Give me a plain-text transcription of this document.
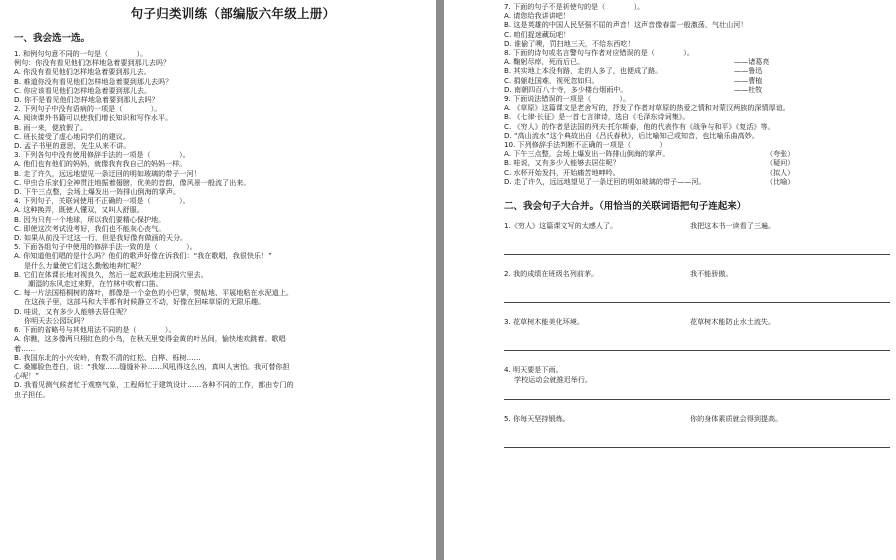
句子归类训练（部编版六年级上册）
一、我会选一选。
1. 和例句句意不同的一句是（　　　　）。
例句：你没有看见他们怎样地急着要到那儿去吗？
A. 你没有看见他们怎样地急着要到那儿去。
B. 难道你没有看见他们怎样地急着要到那儿去吗？
C. 你应该看见他们怎样地急着要到那儿去。
D. 你不是看见他们怎样地急着要到那儿去吗？
2. 下列句子中没有语病的一项是（　　　　）。
A. 阅读课外书籍可以使我们增长知识和写作水平。
B. 雨一来，便放假了。
C. 班长接受了虚心地同学们的建议。
D. 孟子书里的意思，先生从来不讲。
3. 下列各句中没有使用修辞手法的一项是（　　　　）。
A. 他们也有他们的妈妈，就像我有我自己的妈妈一样。
B. 走了许久，远远地望见一条迂回的明如玻璃的带子一河！
C. 甲虫合乐家们全神贯注地振着翅膀，优美的音韵，像风景一般流了出来。
D. 下午三点整，会场上爆发出一阵排山倒海的掌声。
4. 下列句子，关联词使用不正确的一项是（　　　　）。
A. 这种换弄，既使人懂双，又叫人舒服。
B. 因为只有一个地球，所以我们要精心保护地。
C. 即使这次考试没考好，我们也不能灰心丧气。
D. 如果从前没干过这一行，但是我好像有做画的天分。
5. 下面各组句子中使用的修辞手法一致的是（　　　　）。
A. 你知道他们唱的是什么吗？他们的歌声好像在诉我们：“我在歌唱，我很快乐！”
是什么力量使它们这么勤勉地奔忙呢？
B. 它们在体课长地对视良久，然后一起欢跃地走回洞穴里去。
潮湿的东风走过来野，在竹林中吹着口笛。
C. 每一片法国梧桐树的落叶，都像是一个金色的小巴掌，熨帖地、平展地粘在水泥道上。
在这孩子里，这部马和大半都有时候静立不动，好像在回味草原的无限乐趣。
D. 哇说，又有多少人能够去居住呢？
你明天去公园玩吗？
6. 下面的省略号与其他用法不同的是（　　　　）。
A. 你瞧，这多像两只栩红色的小鸟，在秋天里变得金黄的叶丛间，愉快地欢跳着、歌唱
着……
B. 我国东北的小兴安岭，有数不清的红松、白桦、栎树……
C. 桑娜脸色苍白，说：“我嫁……缝缝补补……风吼得这么凶，真叫人害怕。我可替你担
心呢！”
D. 我看见测气候者忙于观察气象，工程师忙于建筑设计……各种不同的工作，都由专门的
虫子担任。
7. 下面的句子不是祈使句的是（　　　　）。
A. 请您给我讲讲吧！
B. 这是英雄的中国人民坚强不屈的声音！这声音像春雷一般激荡，气壮山河！
C. 咱们捉迷藏玩吧！
D. 谁偷了噢，罚扫地三天，不给东西吃！
8. 下面的诗句或名言警句与作者对应错误的是（　　　　）。
A. 鞠躬尽瘁，死而后已。	——诸葛亮
B. 其实地上本没有路，走的人多了，也便成了路。	——鲁迅
C. 捐躯赴国难，视死忽如归。	——曹植
D. 南朝四百八十寺，多少楼台烟雨中。	——杜牧
9. 下面说法错误的一项是（　　　　）。
A. 《草原》这篇课文是老舍写的，抒发了作者对草原的热爱之情和对蒙汉两族的深情厚谊。
B. 《七律·长征》是一首七言律诗，选自《毛泽东诗词集》。
C. 《穷人》的作者是法国的列夫·托尔斯泰，他的代表作有《战争与和平》《复活》等。
D. “高山流水”这个典故出自《吕氏春秋》，后比喻知己或知音，也比喻乐曲高妙。
10. 下列修辞手法判断不正确的一项是（　　　　）
A. 下午三点整，会场上爆发出一阵排山倒海的掌声。	（夸张）
B. 哇说，又有多少人能够去居住呢？	（疑问）
C. 水杯开始发抖，开始痛苦地呻吟。	（拟人）
D. 走了许久，远远地望见了一条迂回的明如玻璃的带子——河。	（比喻）
二、我会句子大合并。（用恰当的关联词语把句子连起来）
1.《穷人》这篇课文写的太感人了。	我把这本书一读看了三遍。
2. 我的成绩在班级名列前茅。	我不能骄傲。
3. 花草树木能美化环境。	花草树木能防止水土流失。
4. 明天要是下雨。
学校运动会就推迟举行。
5. 你每天坚持锻炼。	你的身体素质就会得到提高。
